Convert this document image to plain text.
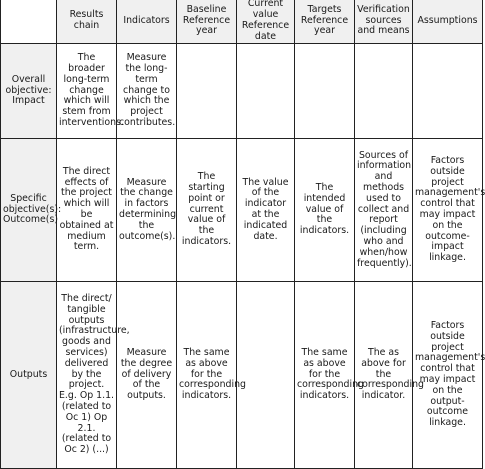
	Results chain	Indicators	Baseline Reference year	Current value Reference date	Targets Reference year	Verification sources and means	Assumptions
Overall objective: Impact	The broader long-term change which will stem from interventions.	Measure the long-term change to which the project contributes.					
Specific objective(s): Outcome(s)	The direct effects of the project which will be obtained at medium term.	Measure the change in factors determining the outcome(s).	The starting point or current value of the indicators.	The value of the indicator at the indicated date.	The intended value of the indicators.	Sources of information and methods used to collect and report (including who and when/how frequently).	Factors outside project management's control that may impact on the outcome-impact linkage.
Outputs	The direct/ tangible outputs (infrastructure, goods and services) delivered by the project. E.g. Op 1.1. (related to Oc 1) Op 2.1. (related to Oc 2) (...)	Measure the degree of delivery of the outputs.	The same as above for the corresponding indicators.		The same as above for the corresponding indicators.	The as above for the corresponding indicator.	Factors outside project management's control that may impact on the output-outcome linkage.
